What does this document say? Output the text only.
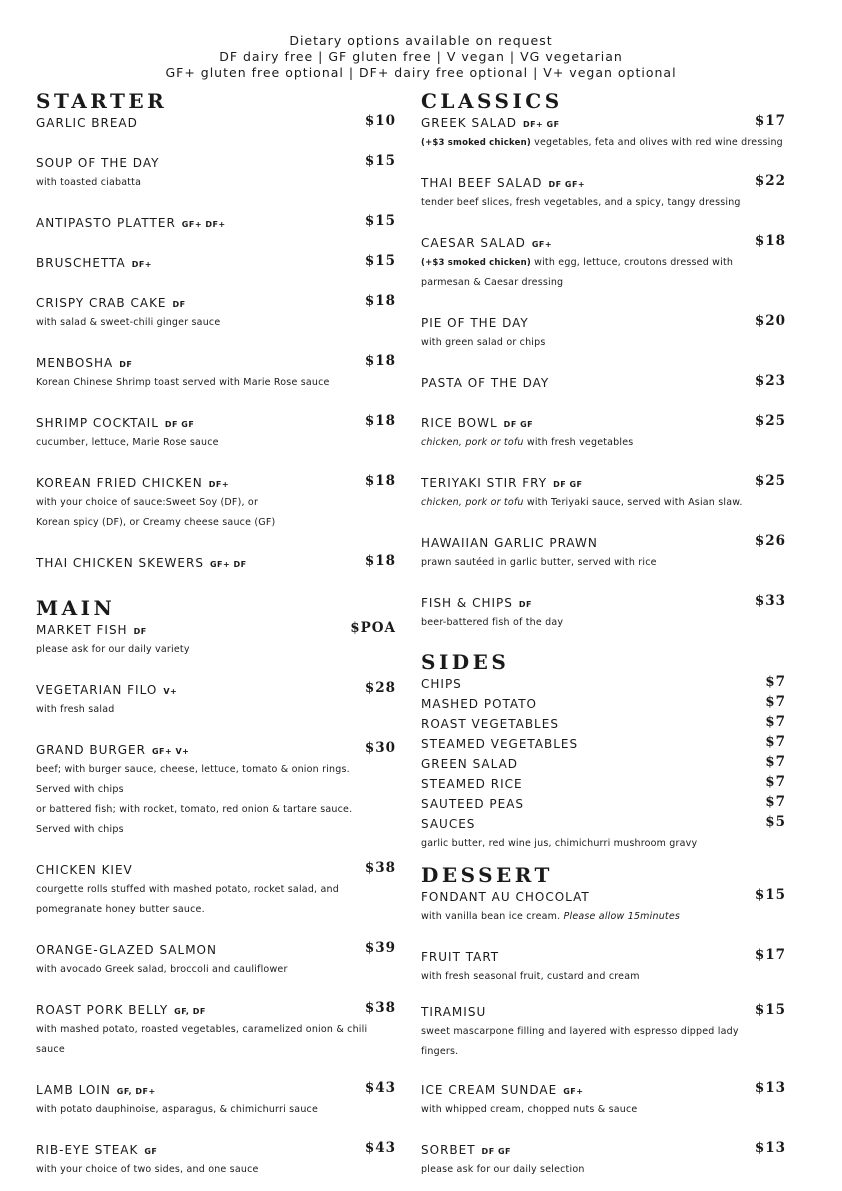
Dietary options available on request
DF dairy free | GF gluten free | V vegan | VG vegetarian
GF+ gluten free optional | DF+ dairy free optional | V+ vegan optional
STARTER
GARLIC BREAD	$10
SOUP OF THE DAY	$15
with toasted ciabatta
ANTIPASTO PLATTER GF+ DF+	$15
BRUSCHETTA DF+	$15
CRISPY CRAB CAKE DF	$18
with salad & sweet-chili ginger sauce
MENBOSHA DF	$18
Korean Chinese Shrimp toast served with Marie Rose sauce
SHRIMP COCKTAIL DF GF	$18
cucumber, lettuce, Marie Rose sauce
KOREAN FRIED CHICKEN DF+	$18
with your choice of sauce:Sweet Soy (DF), or
Korean spicy (DF), or Creamy cheese sauce (GF)
THAI CHICKEN SKEWERS GF+ DF	$18
MAIN
MARKET FISH DF	$POA
please ask for our daily variety
VEGETARIAN FILO V+	$28
with fresh salad
GRAND BURGER GF+ V+	$30
beef; with burger sauce, cheese, lettuce, tomato & onion rings.
Served with chips
or battered fish; with rocket, tomato, red onion & tartare sauce.
Served with chips
CHICKEN KIEV	$38
courgette rolls stuffed with mashed potato, rocket salad, and
pomegranate honey butter sauce.
ORANGE-GLAZED SALMON	$39
with avocado Greek salad, broccoli and cauliflower
ROAST PORK BELLY GF, DF	$38
with mashed potato, roasted vegetables, caramelized onion & chili
sauce
LAMB LOIN GF, DF+	$43
with potato dauphinoise, asparagus, & chimichurri sauce
RIB-EYE STEAK GF	$43
with your choice of two sides, and one sauce
CLASSICS
GREEK SALAD DF+ GF	$17
(+$3 smoked chicken) vegetables, feta and olives with red wine dressing
THAI BEEF SALAD DF GF+	$22
tender beef slices, fresh vegetables, and a spicy, tangy dressing
CAESAR SALAD GF+	$18
(+$3 smoked chicken) with egg, lettuce, croutons dressed with
parmesan & Caesar dressing
PIE OF THE DAY	$20
with green salad or chips
PASTA OF THE DAY	$23
RICE BOWL DF GF	$25
chicken, pork or tofu with fresh vegetables
TERIYAKI STIR FRY DF GF	$25
chicken, pork or tofu with Teriyaki sauce, served with Asian slaw.
HAWAIIAN GARLIC PRAWN	$26
prawn sautéed in garlic butter, served with rice
FISH & CHIPS DF	$33
beer-battered fish of the day
SIDES
CHIPS	$7
MASHED POTATO	$7
ROAST VEGETABLES	$7
STEAMED VEGETABLES	$7
GREEN SALAD	$7
STEAMED RICE	$7
SAUTEED PEAS	$7
SAUCES	$5
garlic butter, red wine jus, chimichurri mushroom gravy
DESSERT
FONDANT AU CHOCOLAT	$15
with vanilla bean ice cream. Please allow 15minutes
FRUIT TART	$17
with fresh seasonal fruit, custard and cream
TIRAMISU	$15
sweet mascarpone filling and layered with espresso dipped lady
fingers.
ICE CREAM SUNDAE GF+	$13
with whipped cream, chopped nuts & sauce
SORBET DF GF	$13
please ask for our daily selection
